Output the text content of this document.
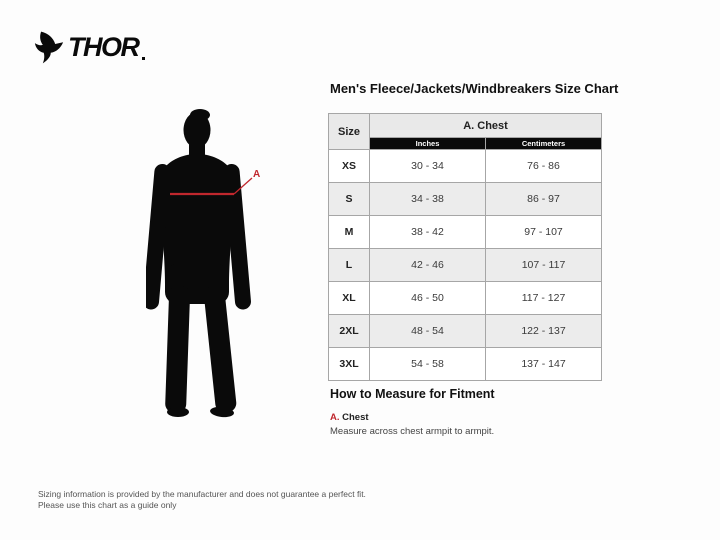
THOR
A
Men's Fleece/Jackets/Windbreakers Size Chart
Size	A. Chest	
	Inches	Centimeters
XS	30 - 34	76 - 86
S	34 - 38	86 - 97
M	38 - 42	97 - 107
L	42 - 46	107 - 117
XL	46 - 50	117 - 127
2XL	48 - 54	122 - 137
3XL	54 - 58	137 - 147
How to Measure for Fitment
A. Chest
Measure across chest armpit to armpit.
Sizing information is provided by the manufacturer and does not guarantee a perfect fit.
Please use this chart as a guide only
